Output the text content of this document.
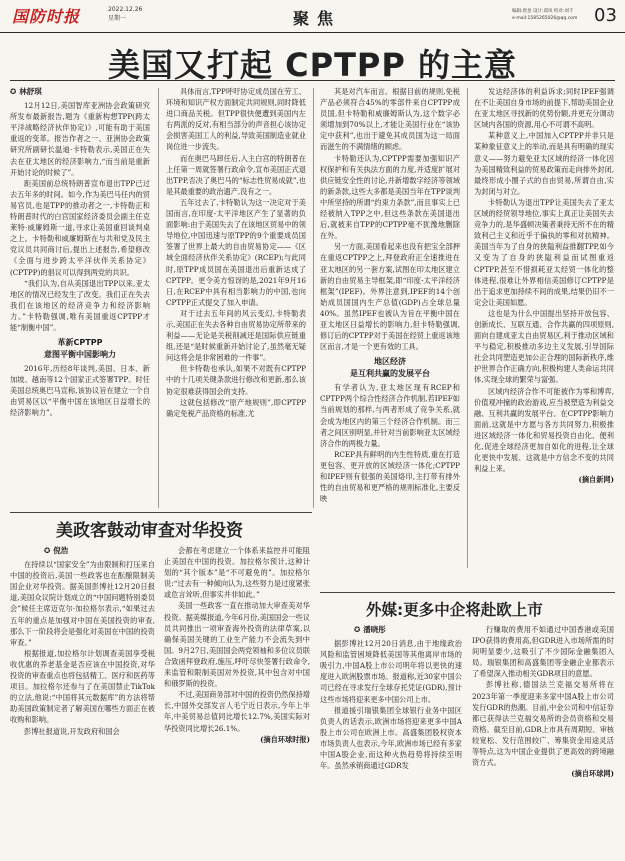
国防时报	2022.12.26
星期一	聚焦	编辑:唐意 设计:邱凤 校对:刘千
e-mail:1585265026@qq.com 03
美国又打起 CPTPP 的主意
✪ 林舒琪

12月12日,美国智库亚洲协会政策研究所发布最新报告,题为《重新构想TPP(跨太平洋战略经济伙伴协定)》,可能有助于美国重返的变革。报告作者之一、亚洲协会政策研究所副研长温迪·卡特勒表示,美国正在失去在亚太地区的经济影响力,“而当前是重新开始讨论的时候了”。

距美国前总统特朗普宣布退出TPP已过去五年多的时间。如今,作为美巴马任内的贸易官员,也是TPP的推动者之一,卡特勒正和特朗普时代的白宫国家经济委员会副主任克莱特·威廉姆斯一道,寻求让美国重回谈判桌之上。卡特勒和威廉姆斯在与共和党及民主党议员共同商讨后,提出上述报告,希望修改《全面与进步跨太平洋伙伴关系协定》(CPTPP)的倡议可以得到两党的共识。

“我们认为,自从美国退出TPP以来,亚太地区的情况已经发生了改变。我们正在失去我们在该地区的经济竞争力和经济影响力。”卡特勒强调,唯有美国重返CPTPP才能“制衡中国”。

革新CPTPP
意图平衡中国影响力

2016年,历经8年谈判,美国、日本、新加坡、越南等12个国家正式签署TPP。时任美国总统奥巴马宣称,该协议旨在建立一个自由贸易区以“平衡中国在该地区日益增长的经济影响力”。

具体而言,TPP呼吁协定成员国在劳工、环境和知识产权方面制定共同规则,同时降低进口商品关税。但TPP很快便遭到美国内左右两派的反对,有相当部分的声音担心该协定会损害美国工人的利益,导致美国制造业就业岗位进一步流失。

而在奥巴马卸任后,入主白宫的特朗普在上任第一周就签署行政命令,宣布美国正式退出TPP,否决了奥巴马的“标志性贸易成就”,也是其最重要的政治遗产,没有之一。

五年过去了,卡特勒认为这一决定对于美国而言,在印度-太平洋地区产生了显著的负面影响:由于美国失去了在该地区贸易中的领导地位,中国迅速与原TPP的9个重要成员国签署了世界上最大的自由贸易协定——《区域全面经济伙伴关系协定》(RCEP);与此同时,原TPP成员国在美国退出后重新达成了CPTPP。更令美方惊讶的是,2021年9月16日,在RCEP中具有相当影响力的中国,也向CPTPP正式提交了加入申请。

对于过去五年间的风云变幻,卡特勒表示,美国正在失去各种自由贸易协定所带来的利益——无论是关税削减还是国际供应链重组,还是“是时候重新开始讨论了,虽然毫无疑问这将会是非常困难的一件事”。

但卡特勒也承认,如果不对既有CPTPP中的十几项关键条款进行修改和更新,那么该协定很难获得国会的支持。

这就包括修改“原产地规则”,即CPTPP确定免税产品资格的标准,尤

其是对汽车而言。根据目前的规则,免税产品必须符合45%的零部件来自CPTPP成员国,但卡特勒和威廉姆斯认为,这个数字必须增加到70%以上,才能让美国行业在“该协定中获利”,也出于避免其成员国为这一局面而滋生的不满情绪的顾虑。

卡特勒还认为,CPTPP需要加强知识产权保护和有关执法方面的力度,并适度扩展对供应链安全性的讨论,并新增数字经济等领域的新条款,这些大多都是美国当年在TPP谈判中所坚持的所谓“约束力条款”,而且事实上已经被纳入TPP之中,但这些条款在美国退出后,就被来自TPP的CPTPP毫不犹豫地删除在外。

另一方面,美国看起来也没有把宝全部押在重返CPTPP之上,拜登政府正全速推进在亚太地区的另一套方案,试图在印太地区建立新的自由贸易主导框架,即“印度-太平洋经济框架”(IPEF)。外界注意到,IPEF的14个创始成员国国内生产总值(GDP)占全球总量40%。虽然IPEF也被认为旨在平衡中国在亚太地区日益增长的影响力,但卡特勒强调,修订后的CPTPP对于美国在经贸上重返该地区而言,才是一个更有效的工具。

地区经济
是互利共赢的发展平台

有学者认为,亚太地区现有RCEP和CPTPP两个综合性经济合作机制,若IPEF如当前规划的那样,与两者形成了竞争关系,就会成为地区内的第三个经济合作机制。而三者之间区别明显,并针对当前影响亚太区域经济合作的两极力量。

RCEP具有鲜明的内生性特质,重在打造更包容、更开放的区域经济一体化;CPTPP和IPEF则有很强的美国烙印,主打带有排外性的自由贸易和更严格的规则标准化,主要反映

发达经济体的利益诉求;同时IPEF强调在不让美国自身市场的前提下,帮助美国企业在亚太地区寻找新的优势份额,并更充分调动区域内各国的资源,用心不可谓不高明。

某种意义上,中国加入CPTPP并非只是某种象征意义上的举动,而是具有明确的现实意义——努力避免亚太区域的经济一体化因为美国精致利益的贸易政策而走向排外封闭,最终形成小圈子式的自由贸易,所谓自由,实为封闭与对立。

卡特勒认为退出TPP让美国失去了亚太区域的经贸领导地位,事实上真正让美国失去竞争力的,是华盛顿决策者秉持无所不在的精致利己主义和近乎于偏执的零和对抗精神。美国当年为了自身的狭隘利益推翻TPP,如今又变为了自身的狭隘利益而试图重返CPTPP,甚至不惜损耗亚太经贸一体化的整体进程,很难让外界相信美国修订CPTPP是出于追求更加持续不间的成果,结果仍旧不一定会让美国如愿。

这也是为什么中国提出坚持开放包容、创新成长、互联互通、合作共赢的四项原则,面向自建成亚太自由贸易区,利于推动区域和平与稳定,积极推动多边主义发展,引导国际社会共同塑造更加公正合理的国际新秩序,维护世界合作正确方向,积极构建人类命运共同体,实现全球的繁荣与富强。

区域内经济合作不可能被作为零和博弈,价值观冲撞的政治游戏,应当被塑造为利益交融、互利共赢的发展平台。在CPTPP影响力面前,这就是中方愿与各方共同努力,积极推进区域经济一体化和贸易投资自由化、便利化,促进全球经济更加自如化的进程,让全球化更快中发展、这就是中方信念不变的共同利益上来。

(摘自新网)
美政客鼓动审查对华投资
✪ 倪浩

在持续以“国家安全”为由限制和打压来自中国的投资后,美国一些政客也在酝酿限制美国企业对华投资。据美国彭博社12月20日报道,美国众议院计划成立的“中国问题特别委员会”候任主席迈克尔·加拉格尔表示,“如果过去五年的重点是加强对中国在美国投资的审查,那么下一阶段将会是强化对美国在中国的投资审查。”

根据报道,加拉格尔计划调查美国享受税收优惠的养老基金是否应该在中国投资,对华投资的审查重点也将包括精工、医疗和医药等项目。加拉格尔还参与了在美国禁止TikTok的立法,他说:“中国将其元数据库”的方法将帮助美国政策制定者了解美国在哪些方面正在被收购和影响。

彭博社报道说,开发政府和国会

会都在考虑建立一个体系来监控并可能阻止美国在中国的投资。加拉格尔预计,这种计划的“其个版本”是“不可避免的”。加拉格尔说:“过去有一种倾向认为,这些努力是过度紧张或危言耸听,但事实并非如此。”

美国一些政客一直在推动加大审查美对华投资。据美媒报道,今年6月份,美国国会一些议员共同推出一项审查海外投资的法律草案,以确保美国关键的工业生产能力不会流失到中国。9月27日,美国国会两党领袖和多位议员联合致函拜登政府,施压,呼吁尽快签署行政命令,来监管和限制美国对外投资,其中包含对中国和俄罗斯的投资。

不过,美国商务部对中国的投资仍然保持增长,中国外交部发言人毛宁近日表示,今年上半年,中美贸易总值同比增长12.7%,美国实际对华投资同比增长26.1%。

(摘自环球时报)
外媒:更多中企将赴欧上市
✪ 潘晓彤

据彭博社12月20日消息,由于地缘政治风险和监管困境降低美国等其他离岸市场的吸引力,中国A股上市公司明年将以更快的速度进入欧洲股票市场。报道称,近30家中国公司已经在寻求发行全球存托凭证(GDR),预计这些市场将迎来更多中国公司上市。

报道援引瑞银集团全球银行业务中国区负责人的话表示,欧洲市场将迎来更多中国A股上市公司在欧洲上市。高盛集团股权资本市场负责人也表示,今年,欧洲市场已经有多家中国A股企业,而这种火热趋势将持续至明年。虽然承销商通过GDR发

行赚取的费用不如通过中国香港或美国IPO获得的费用高,但GDR进入市场所需的时间明显要少,这吸引了不少国际金融集团入局。瑞银集团和高盛集团等金融企业都表示了希望深入推动相关GDR项目的意愿。

彭博社称,德国法兰克福交易所将在2023年第一季度迎来多家中国A股上市公司发行GDR的热潮。目前,中金公司和中信证券都已获得法兰克福交易所的会员资格和交易资格。截至目前,GDR上市具有周期短、审核较宽松、发行范围较广、筹集资金用途灵活等特点,这为中国企业提供了更高效的跨境融资方式。

(摘自环球网)
